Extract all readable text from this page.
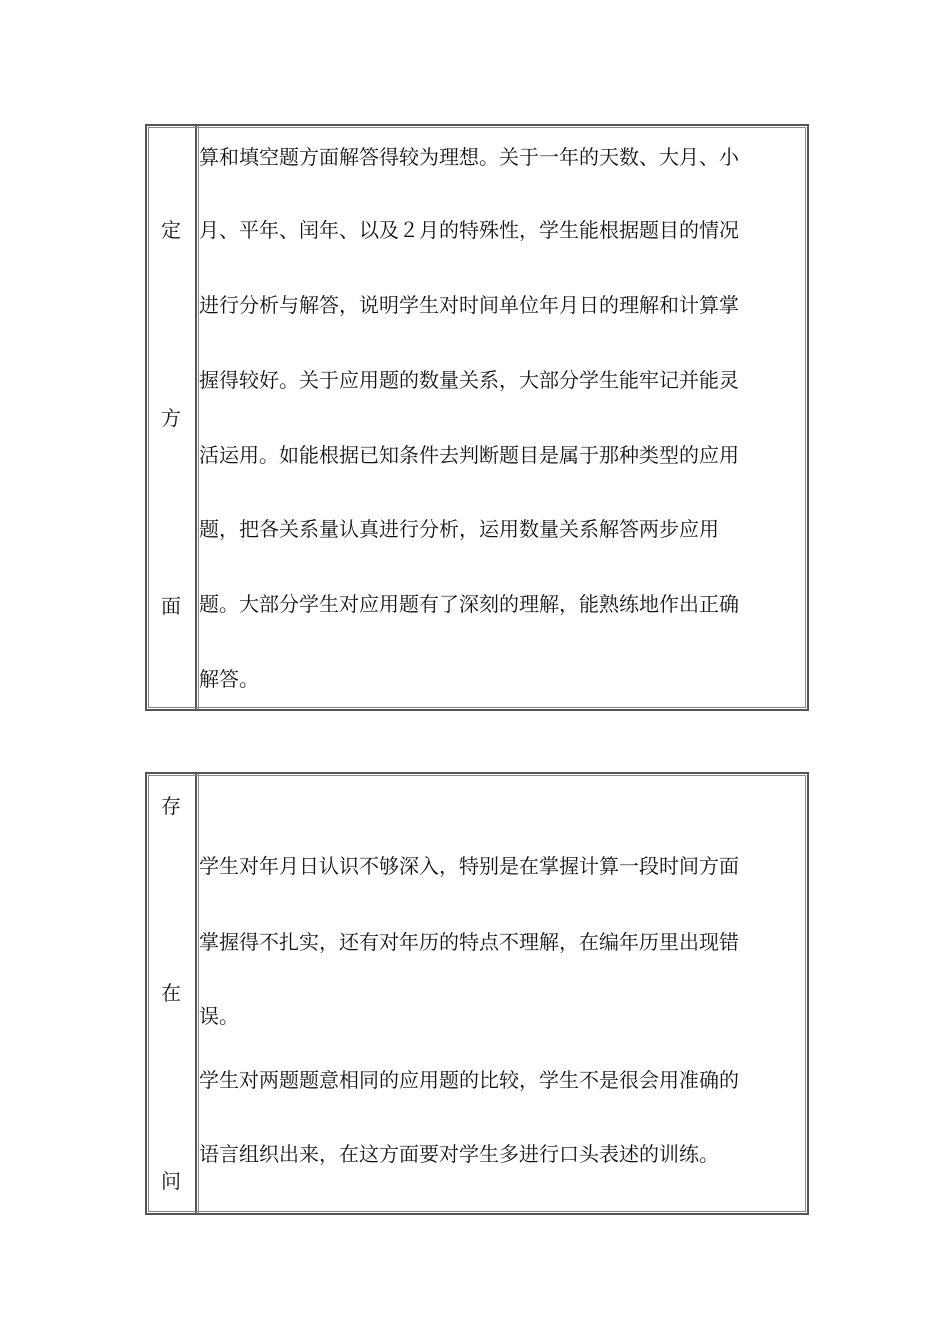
定
方
面
算和填空题方面解答得较为理想。关于一年的天数、大月、小
月、平年、闰年、以及２月的特殊性，学生能根据题目的情况
进行分析与解答，说明学生对时间单位年月日的理解和计算掌
握得较好。关于应用题的数量关系，大部分学生能牢记并能灵
活运用。如能根据已知条件去判断题目是属于那种类型的应用
题，把各关系量认真进行分析，运用数量关系解答两步应用
题。大部分学生对应用题有了深刻的理解，能熟练地作出正确
解答。
存
在
问
学生对年月日认识不够深入，特别是在掌握计算一段时间方面
掌握得不扎实，还有对年历的特点不理解，在编年历里出现错
误。
学生对两题题意相同的应用题的比较，学生不是很会用准确的
语言组织出来，在这方面要对学生多进行口头表述的训练。
